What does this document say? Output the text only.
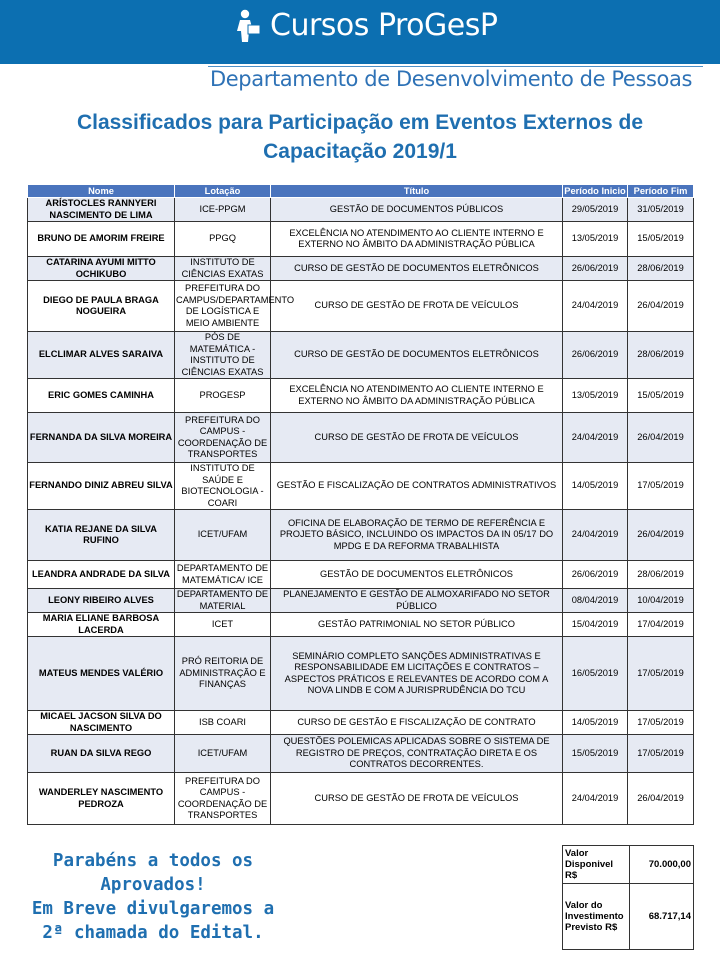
Cursos ProGesP
Departamento de Desenvolvimento de Pessoas
Classificados para Participação em Eventos Externos de
Capacitação 2019/1
Nome	Lotação	Título	Período Inicio	Período Fim
ARÍSTOCLES RANNYERI NASCIMENTO DE LIMA	ICE-PPGM	GESTÃO DE DOCUMENTOS PÚBLICOS	29/05/2019	31/05/2019
BRUNO DE AMORIM FREIRE	PPGQ	EXCELÊNCIA NO ATENDIMENTO AO CLIENTE INTERNO E EXTERNO NO ÂMBITO DA ADMINISTRAÇÃO PÚBLICA	13/05/2019	15/05/2019
CATARINA AYUMI MITTO OCHIKUBO	INSTITUTO DE CIÊNCIAS EXATAS	CURSO DE GESTÃO DE DOCUMENTOS ELETRÔNICOS	26/06/2019	28/06/2019
DIEGO DE PAULA BRAGA NOGUEIRA	PREFEITURA DO CAMPUS/DEPARTAMENTO DE LOGÍSTICA E MEIO AMBIENTE	CURSO DE GESTÃO DE FROTA DE VEÍCULOS	24/04/2019	26/04/2019
ELCLIMAR ALVES SARAIVA	PÓS DE MATEMÁTICA - INSTITUTO DE CIÊNCIAS EXATAS	CURSO DE GESTÃO DE DOCUMENTOS ELETRÔNICOS	26/06/2019	28/06/2019
ERIC GOMES CAMINHA	PROGESP	EXCELÊNCIA NO ATENDIMENTO AO CLIENTE INTERNO E EXTERNO NO ÂMBITO DA ADMINISTRAÇÃO PÚBLICA	13/05/2019	15/05/2019
FERNANDA DA SILVA MOREIRA	PREFEITURA DO CAMPUS - COORDENAÇÃO DE TRANSPORTES	CURSO DE GESTÃO DE FROTA DE VEÍCULOS	24/04/2019	26/04/2019
FERNANDO DINIZ ABREU SILVA	INSTITUTO DE SAÚDE E BIOTECNOLOGIA - COARI	GESTÃO E FISCALIZAÇÃO DE CONTRATOS ADMINISTRATIVOS	14/05/2019	17/05/2019
KATIA REJANE DA SILVA RUFINO	ICET/UFAM	OFICINA DE ELABORAÇÃO DE TERMO DE REFERÊNCIA E PROJETO BÁSICO, INCLUINDO OS IMPACTOS DA IN 05/17 DO MPDG E DA REFORMA TRABALHISTA	24/04/2019	26/04/2019
LEANDRA ANDRADE DA SILVA	DEPARTAMENTO DE MATEMÁTICA/ ICE	GESTÃO DE DOCUMENTOS ELETRÔNICOS	26/06/2019	28/06/2019
LEONY RIBEIRO ALVES	DEPARTAMENTO DE MATERIAL	PLANEJAMENTO E GESTÃO DE ALMOXARIFADO NO SETOR PÚBLICO	08/04/2019	10/04/2019
MARIA ELIANE BARBOSA LACERDA	ICET	GESTÃO PATRIMONIAL NO SETOR PÚBLICO	15/04/2019	17/04/2019
MATEUS MENDES VALÉRIO	PRÓ REITORIA DE ADMINISTRAÇÃO E FINANÇAS	SEMINÁRIO COMPLETO SANÇÕES ADMINISTRATIVAS E RESPONSABILIDADE EM LICITAÇÕES E CONTRATOS – ASPECTOS PRÁTICOS E RELEVANTES DE ACORDO COM A NOVA LINDB E COM A JURISPRUDÊNCIA DO TCU	16/05/2019	17/05/2019
MICAEL JACSON SILVA DO NASCIMENTO	ISB COARI	CURSO DE GESTÃO E FISCALIZAÇÃO DE CONTRATO	14/05/2019	17/05/2019
RUAN DA SILVA REGO	ICET/UFAM	QUESTÕES POLEMICAS APLICADAS SOBRE O SISTEMA DE REGISTRO DE PREÇOS, CONTRATAÇÃO DIRETA E OS CONTRATOS DECORRENTES.	15/05/2019	17/05/2019
WANDERLEY NASCIMENTO PEDROZA	PREFEITURA DO CAMPUS - COORDENAÇÃO DE TRANSPORTES	CURSO DE GESTÃO DE FROTA DE VEÍCULOS	24/04/2019	26/04/2019
Parabéns a todos os
Aprovados!
Em Breve divulgaremos a
2ª chamada do Edital.
Valor Disponivel R$	70.000,00
Valor do Investimento Previsto R$	68.717,14
